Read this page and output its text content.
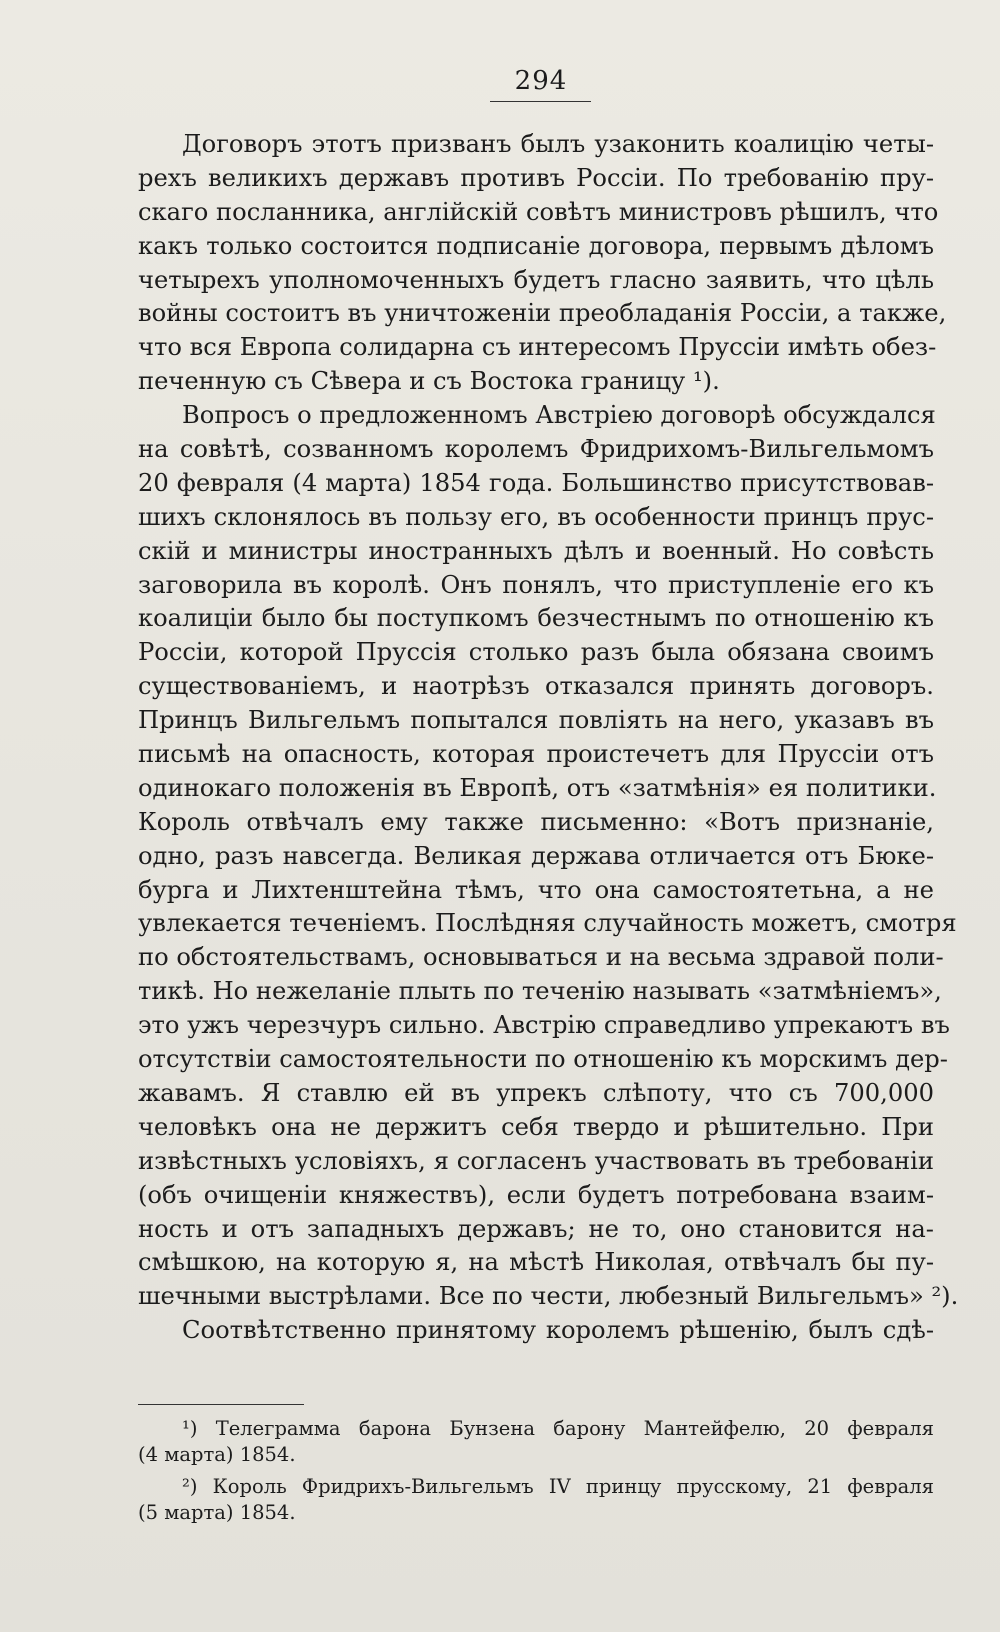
294
Договоръ этотъ призванъ былъ узаконить коалицію четы-
рехъ великихъ державъ противъ Россіи. По требованію пру-
скаго посланника, англійскій совѣтъ министровъ рѣшилъ, что
какъ только состоится подписаніе договора, первымъ дѣломъ
четырехъ уполномоченныхъ будетъ гласно заявить, что цѣль
войны состоитъ въ уничтоженіи преобладанія Россіи, а также,
что вся Европа солидарна съ интересомъ Пруссіи имѣть обез-
печенную съ Сѣвера и съ Востока границу ¹).
Вопросъ о предложенномъ Австріею договорѣ обсуждался
на совѣтѣ, созванномъ королемъ Фридрихомъ-Вильгельмомъ
20 февраля (4 марта) 1854 года. Большинство присутствовав-
шихъ склонялось въ пользу его, въ особенности принцъ прус-
скій и министры иностранныхъ дѣлъ и военный. Но совѣсть
заговорила въ королѣ. Онъ понялъ, что приступленіе его къ
коалиціи было бы поступкомъ безчестнымъ по отношенію къ
Россіи, которой Пруссія столько разъ была обязана своимъ
существованіемъ, и наотрѣзъ отказался принять договоръ.
Принцъ Вильгельмъ попытался повліять на него, указавъ въ
письмѣ на опасность, которая проистечетъ для Пруссіи отъ
одинокаго положенія въ Европѣ, отъ «затмѣнія» ея политики.
Король отвѣчалъ ему также письменно: «Вотъ признаніе,
одно, разъ навсегда. Великая держава отличается отъ Бюке-
бурга и Лихтенштейна тѣмъ, что она самостоятетьна, а не
увлекается теченіемъ. Послѣдняя случайность можетъ, смотря
по обстоятельствамъ, основываться и на весьма здравой поли-
тикѣ. Но нежеланіе плыть по теченію называть «затмѣніемъ»,
это ужъ черезчуръ сильно. Австрію справедливо упрекаютъ въ
отсутствіи самостоятельности по отношенію къ морскимъ дер-
жавамъ. Я ставлю ей въ упрекъ слѣпоту, что съ 700,000
человѣкъ она не держитъ себя твердо и рѣшительно. При
извѣстныхъ условіяхъ, я согласенъ участвовать въ требованіи
(объ очищеніи княжествъ), если будетъ потребована взаим-
ность и отъ западныхъ державъ; не то, оно становится на-
смѣшкою, на которую я, на мѣстѣ Николая, отвѣчалъ бы пу-
шечными выстрѣлами. Все по чести, любезный Вильгельмъ» ²).
Соотвѣтственно принятому королемъ рѣшенію, былъ сдѣ-
¹) Телеграмма барона Бунзена барону Мантейфелю, 20 февраля
(4 марта) 1854.
²) Король Фридрихъ-Вильгельмъ IV принцу прусскому, 21 февраля
(5 марта) 1854.
